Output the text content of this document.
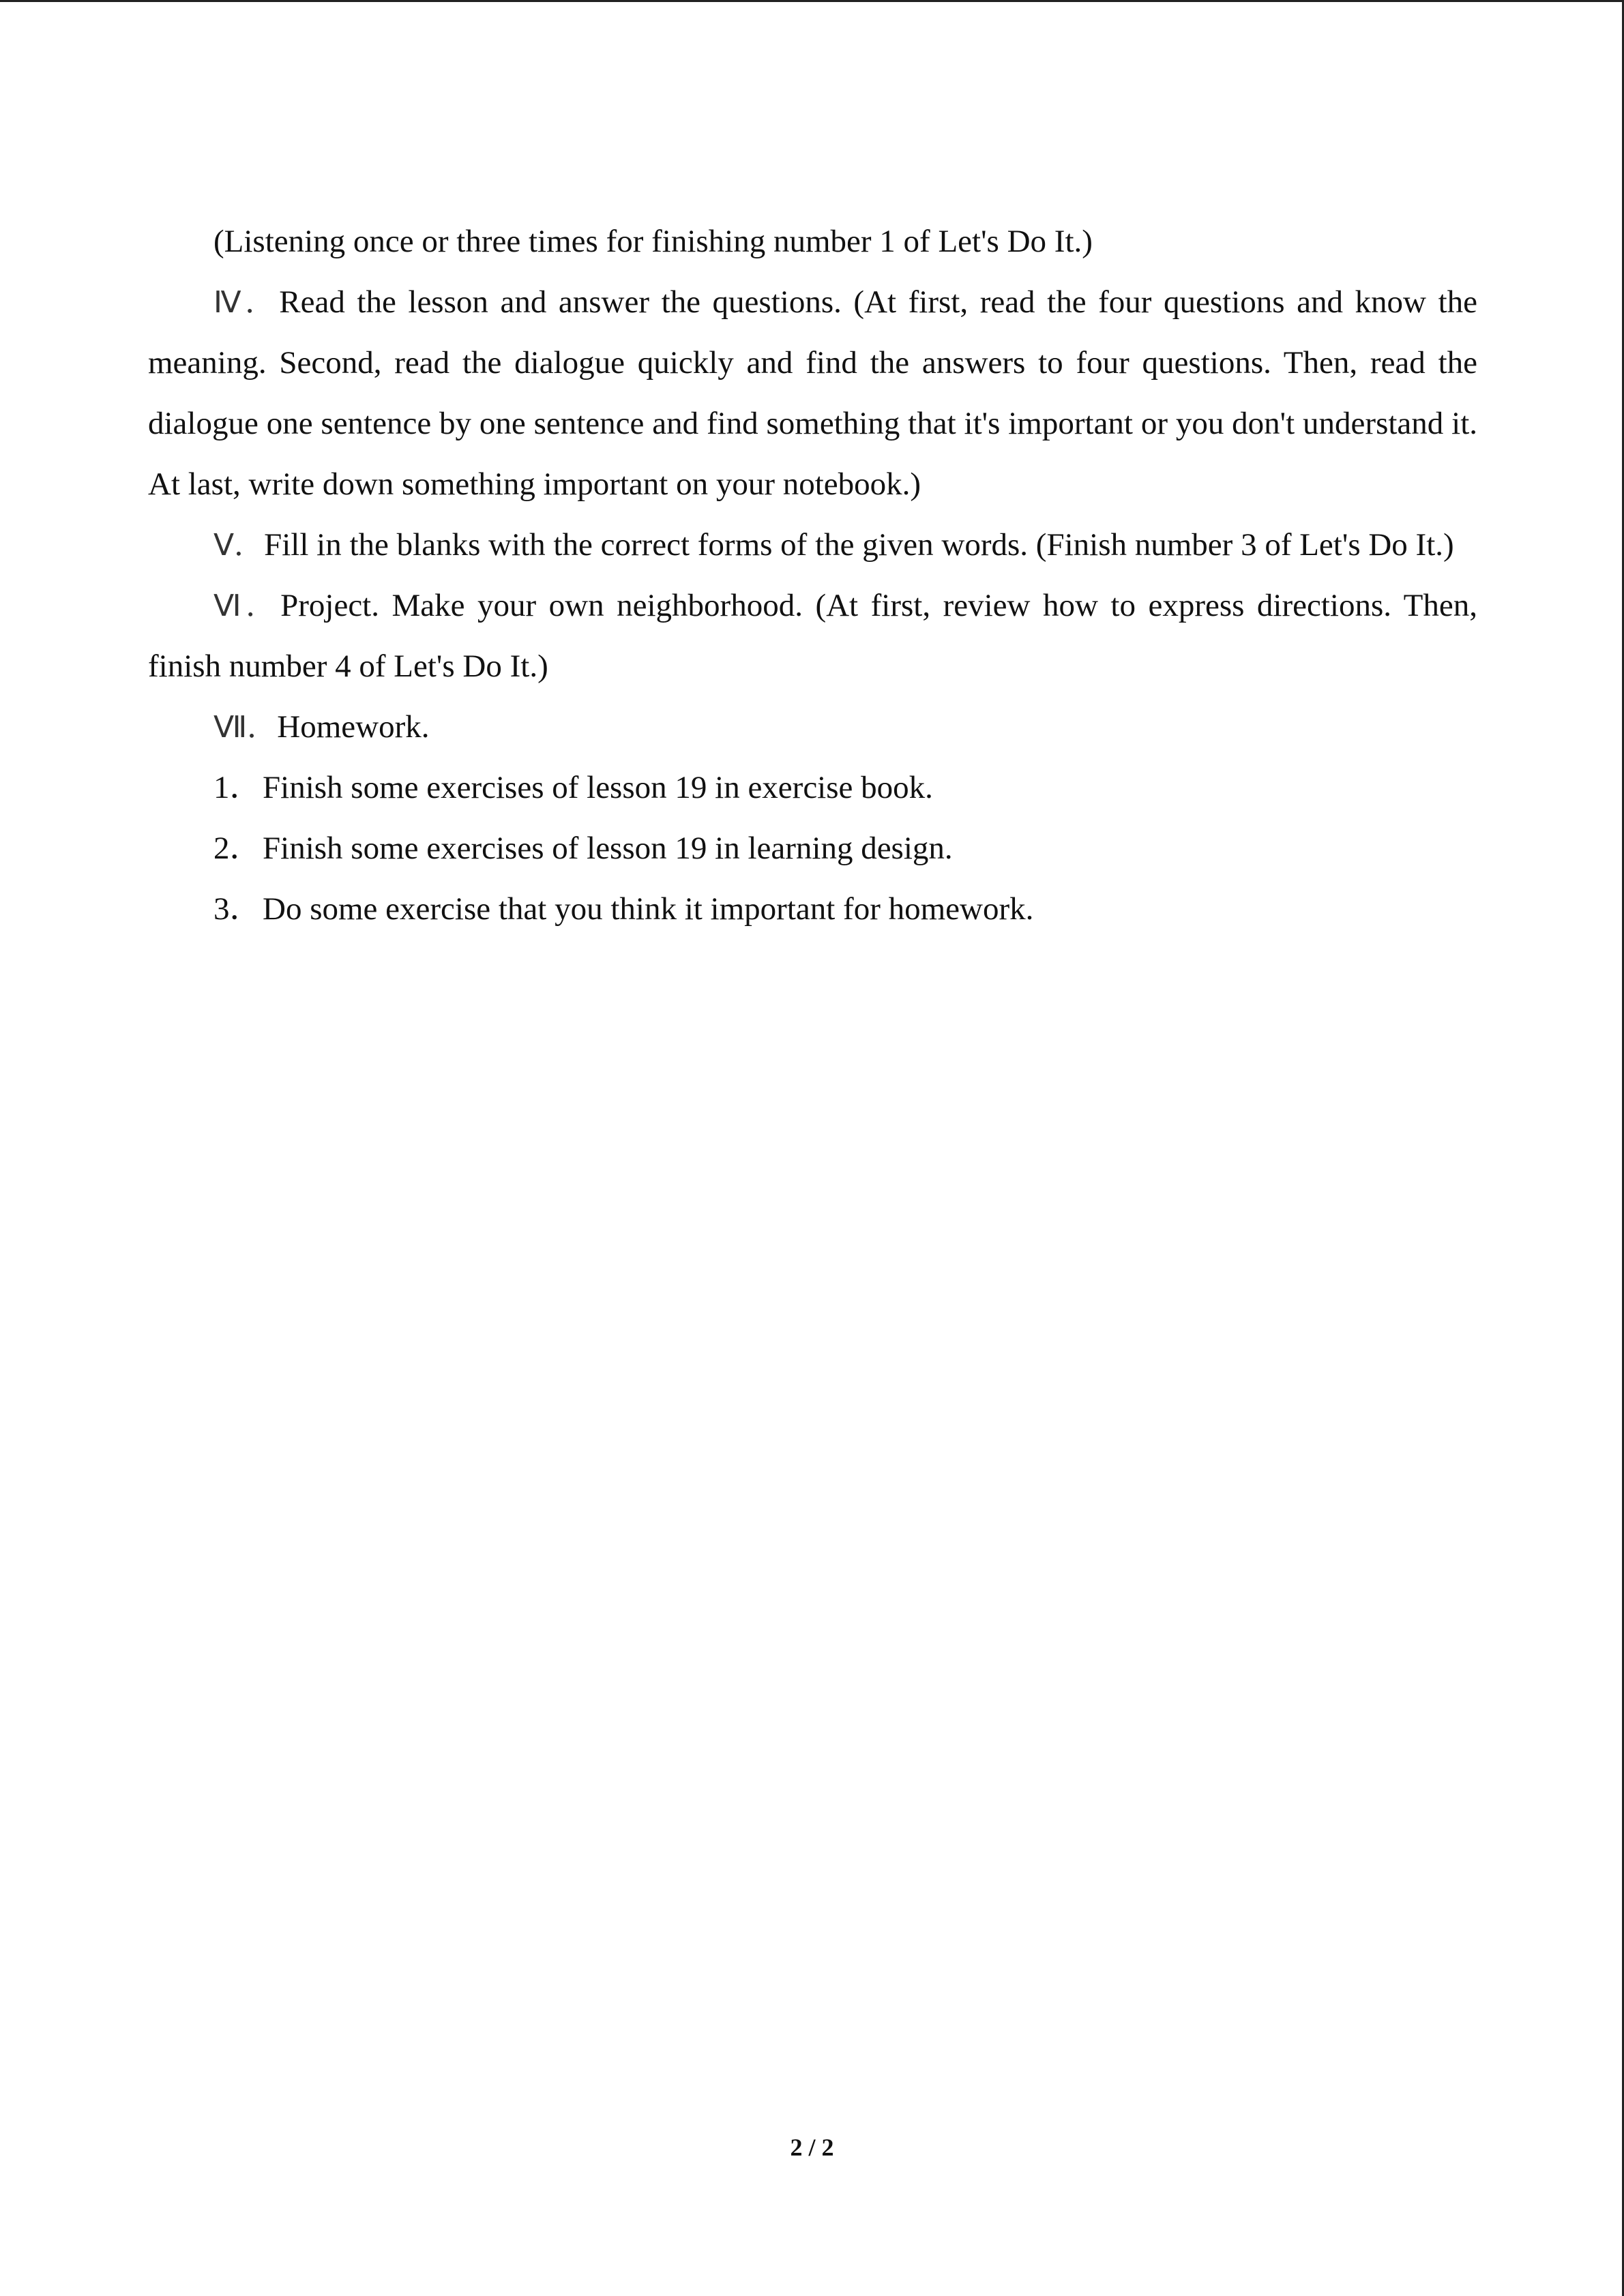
(Listening once or three times for finishing number 1 of Let's Do It.)

Ⅳ．Read the lesson and answer the questions. (At first, read the four questions and know the meaning. Second, read the dialogue quickly and find the answers to four questions. Then, read the dialogue one sentence by one sentence and find something that it's important or you don't understand it. At last, write down something important on your notebook.)

Ⅴ．Fill in the blanks with the correct forms of the given words. (Finish number 3 of Let's Do It.)

Ⅵ．Project. Make your own neighborhood. (At first, review how to express directions. Then, finish number 4 of Let's Do It.)

Ⅶ．Homework.

1．Finish some exercises of lesson 19 in exercise book.

2．Finish some exercises of lesson 19 in learning design.

3．Do some exercise that you think it important for homework.

2 / 2
